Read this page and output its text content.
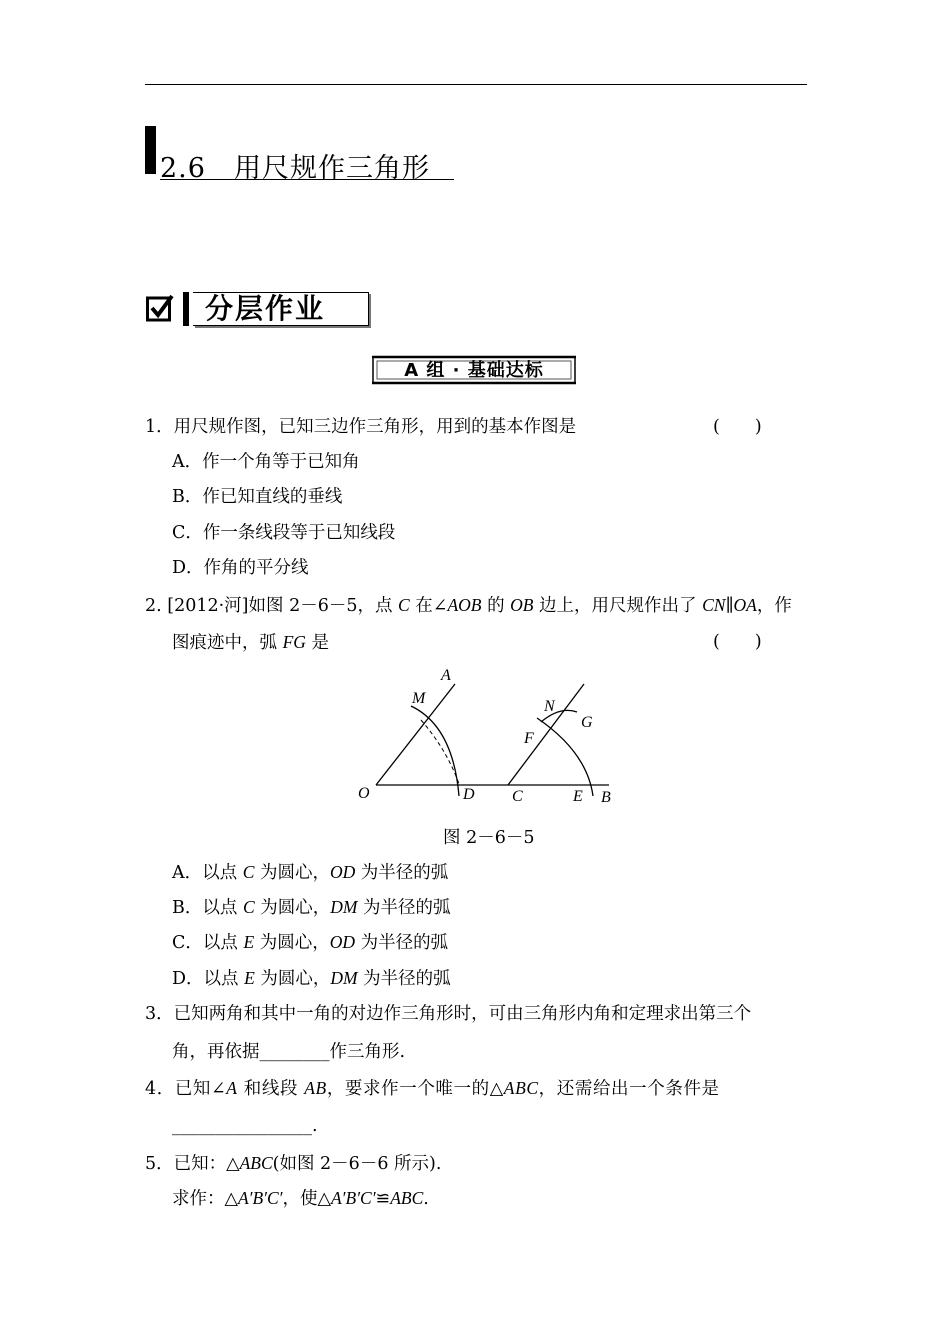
2.6　用尺规作三角形
分层作业
A 组 · 基础达标
1．用尺规作图，已知三边作三角形，用到的基本作图是	(　　)
A．作一个角等于已知角
B．作已知直线的垂线
C．作一条线段等于已知线段
D．作角的平分线
2. [2012·河]如图 2－6－5，点 C 在∠AOB 的 OB 边上，用尺规作出了 CN∥OA，作
图痕迹中，弧 FG 是	(　　)
A
M	N
G
F
O	D C	E B
图 2－6－5
A．以点 C 为圆心，OD 为半径的弧
B．以点 C 为圆心，DM 为半径的弧
C．以点 E 为圆心，OD 为半径的弧
D．以点 E 为圆心，DM 为半径的弧
3．已知两角和其中一角的对边作三角形时，可由三角形内角和定理求出第三个
角，再依据________作三角形.
4．已知∠A 和线段 AB，要求作一个唯一的△ABC，还需给出一个条件是
________________.
5．已知：△ABC(如图 2－6－6 所示).
求作：△A′B′C′，使△A′B′C′≌ABC.
